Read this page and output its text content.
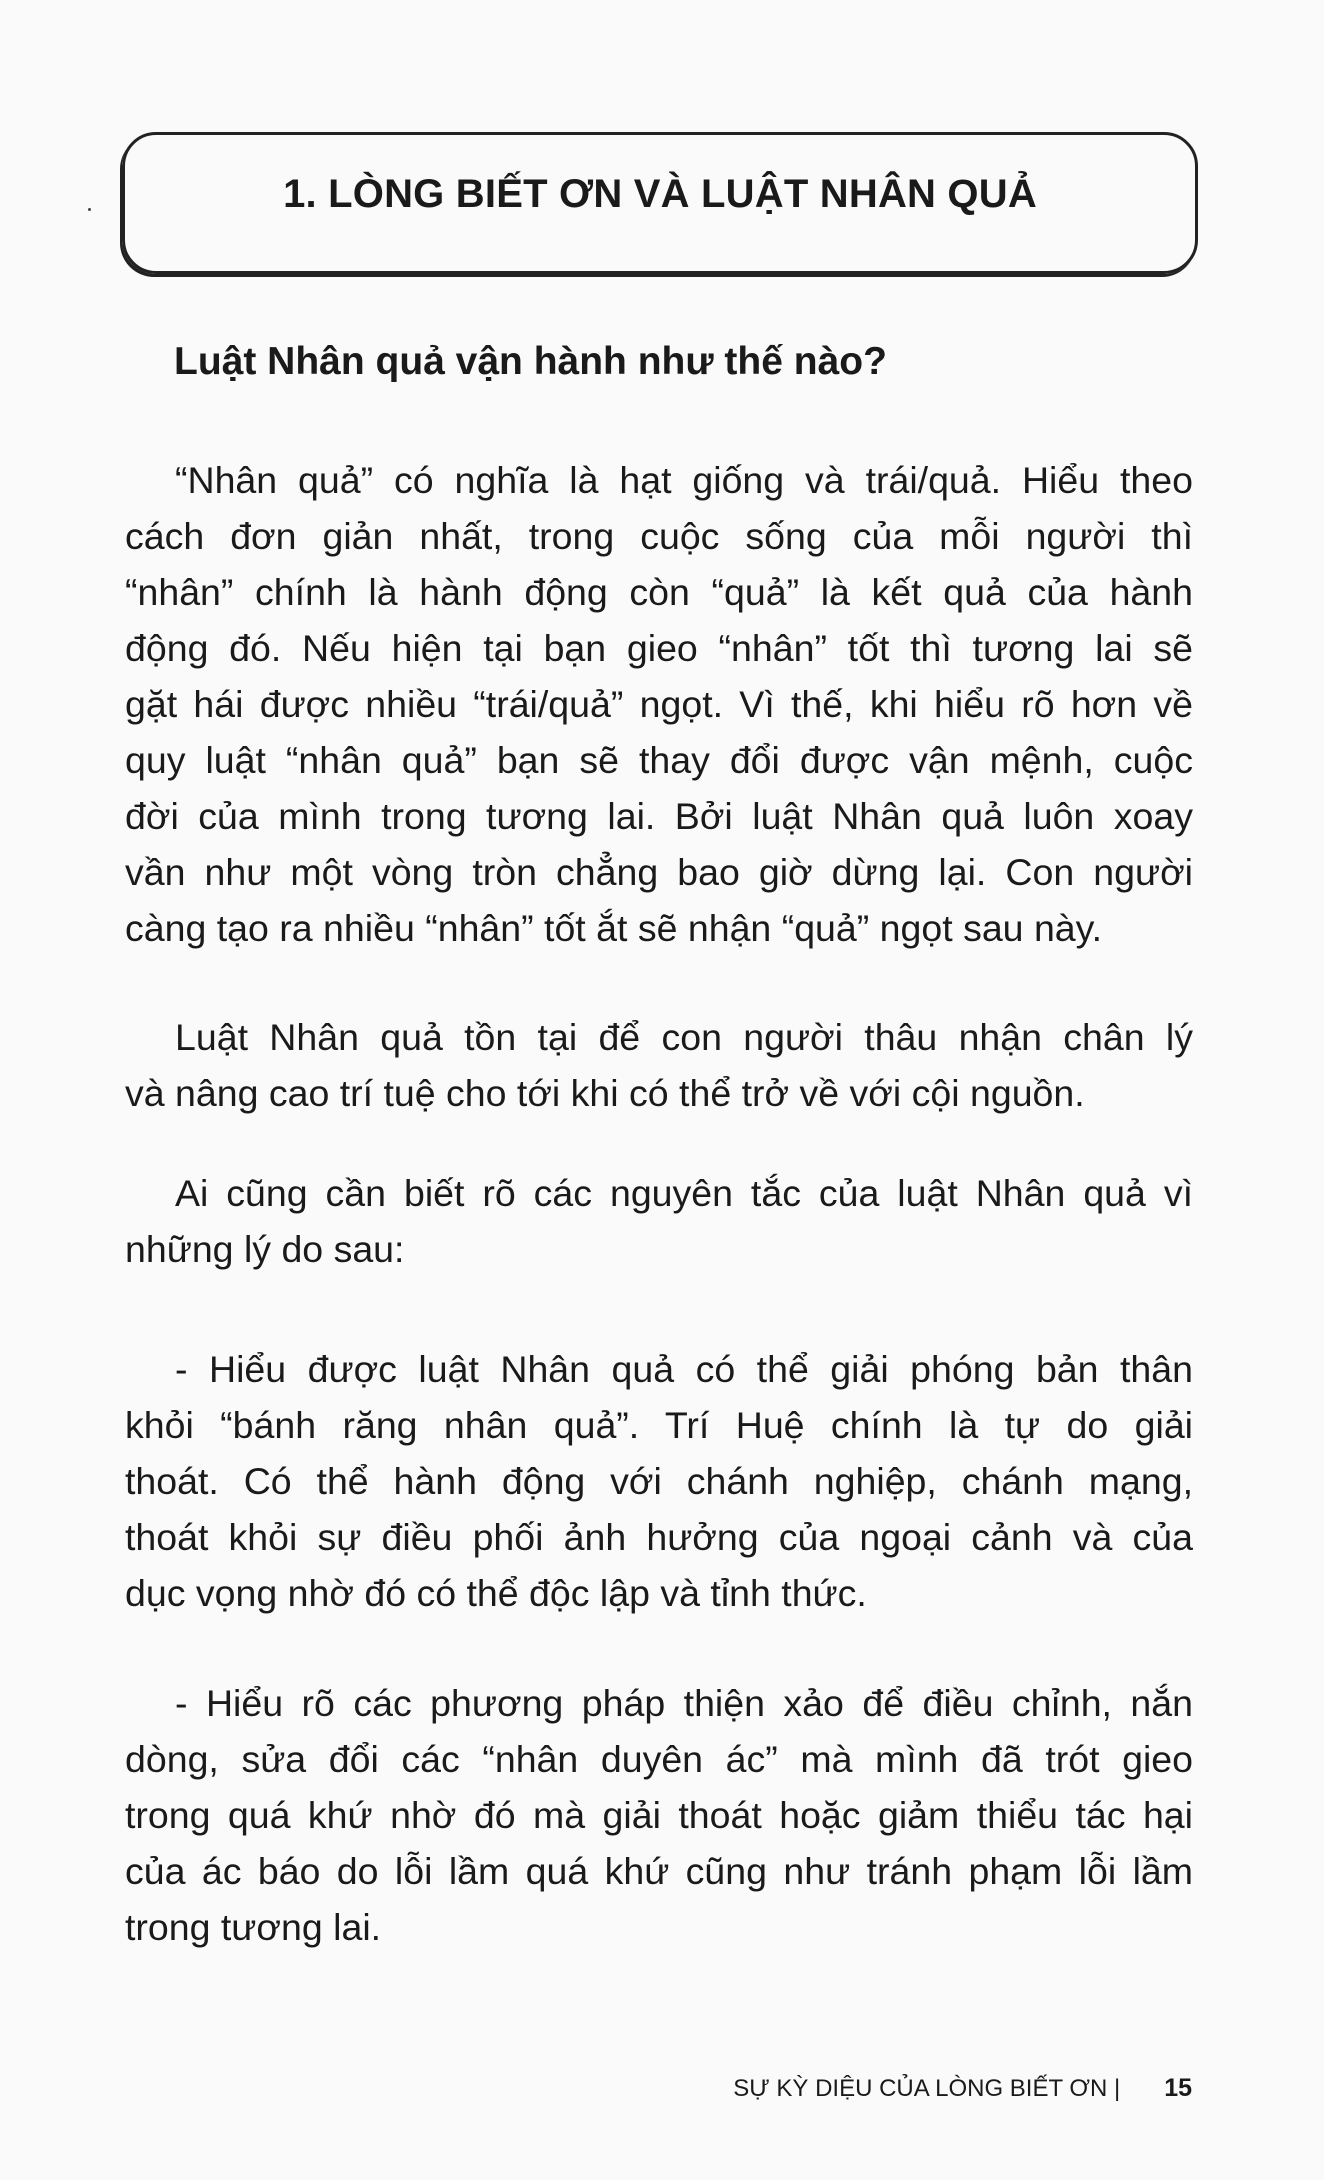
1. LÒNG BIẾT ƠN VÀ LUẬT NHÂN QUẢ
Luật Nhân quả vận hành như thế nào?
“Nhân quả” có nghĩa là hạt giống và trái/quả. Hiểu theo
cách đơn giản nhất, trong cuộc sống của mỗi người thì
“nhân” chính là hành động còn “quả” là kết quả của hành
động đó. Nếu hiện tại bạn gieo “nhân” tốt thì tương lai sẽ
gặt hái được nhiều “trái/quả” ngọt. Vì thế, khi hiểu rõ hơn về
quy luật “nhân quả” bạn sẽ thay đổi được vận mệnh, cuộc
đời của mình trong tương lai. Bởi luật Nhân quả luôn xoay
vần như một vòng tròn chẳng bao giờ dừng lại. Con người
càng tạo ra nhiều “nhân” tốt ắt sẽ nhận “quả” ngọt sau này.
Luật Nhân quả tồn tại để con người thâu nhận chân lý
và nâng cao trí tuệ cho tới khi có thể trở về với cội nguồn.
Ai cũng cần biết rõ các nguyên tắc của luật Nhân quả vì
những lý do sau:
- Hiểu được luật Nhân quả có thể giải phóng bản thân
khỏi “bánh răng nhân quả”. Trí Huệ chính là tự do giải
thoát. Có thể hành động với chánh nghiệp, chánh mạng,
thoát khỏi sự điều phối ảnh hưởng của ngoại cảnh và của
dục vọng nhờ đó có thể độc lập và tỉnh thức.
- Hiểu rõ các phương pháp thiện xảo để điều chỉnh, nắn
dòng, sửa đổi các “nhân duyên ác” mà mình đã trót gieo
trong quá khứ nhờ đó mà giải thoát hoặc giảm thiểu tác hại
của ác báo do lỗi lầm quá khứ cũng như tránh phạm lỗi lầm
trong tương lai.
SỰ KỲ DIỆU CỦA LÒNG BIẾT ƠN | 15
